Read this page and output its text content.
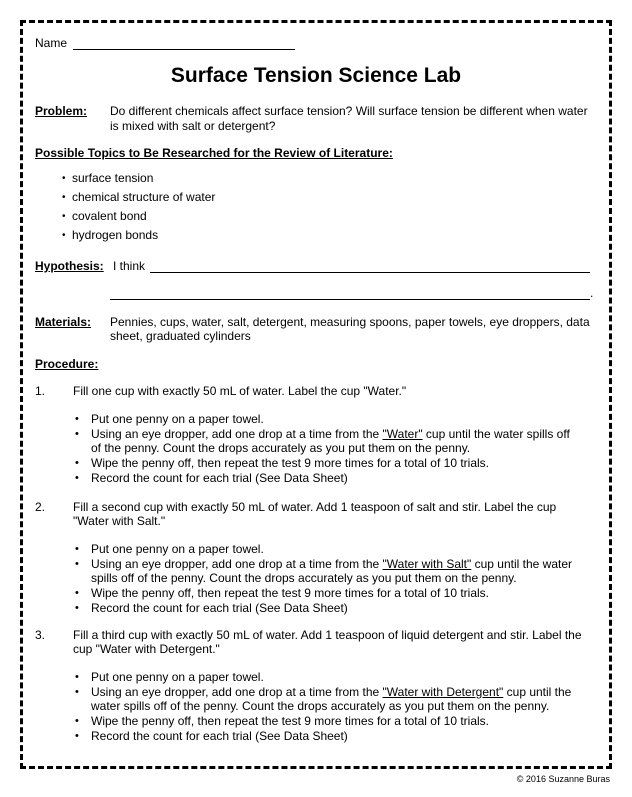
Name
Surface Tension Science Lab
Problem: Do different chemicals affect surface tension? Will surface tension be different when water is mixed with salt or detergent?
Possible Topics to Be Researched for the Review of Literature:
• surface tension
• chemical structure of water
• covalent bond
• hydrogen bonds
Hypothesis: I think
.
Materials: Pennies, cups, water, salt, detergent, measuring spoons, paper towels, eye droppers, data sheet, graduated cylinders
Procedure:
1. Fill one cup with exactly 50 mL of water. Label the cup "Water."
• Put one penny on a paper towel.
• Using an eye dropper, add one drop at a time from the "Water" cup until the water spills off of the penny. Count the drops accurately as you put them on the penny.
• Wipe the penny off, then repeat the test 9 more times for a total of 10 trials.
• Record the count for each trial (See Data Sheet)
2. Fill a second cup with exactly 50 mL of water. Add 1 teaspoon of salt and stir. Label the cup "Water with Salt."
• Put one penny on a paper towel.
• Using an eye dropper, add one drop at a time from the "Water with Salt" cup until the water spills off of the penny. Count the drops accurately as you put them on the penny.
• Wipe the penny off, then repeat the test 9 more times for a total of 10 trials.
• Record the count for each trial (See Data Sheet)
3. Fill a third cup with exactly 50 mL of water. Add 1 teaspoon of liquid detergent and stir. Label the cup "Water with Detergent."
• Put one penny on a paper towel.
• Using an eye dropper, add one drop at a time from the "Water with Detergent" cup until the water spills off of the penny. Count the drops accurately as you put them on the penny.
• Wipe the penny off, then repeat the test 9 more times for a total of 10 trials.
• Record the count for each trial (See Data Sheet)
© 2016 Suzanne Buras
